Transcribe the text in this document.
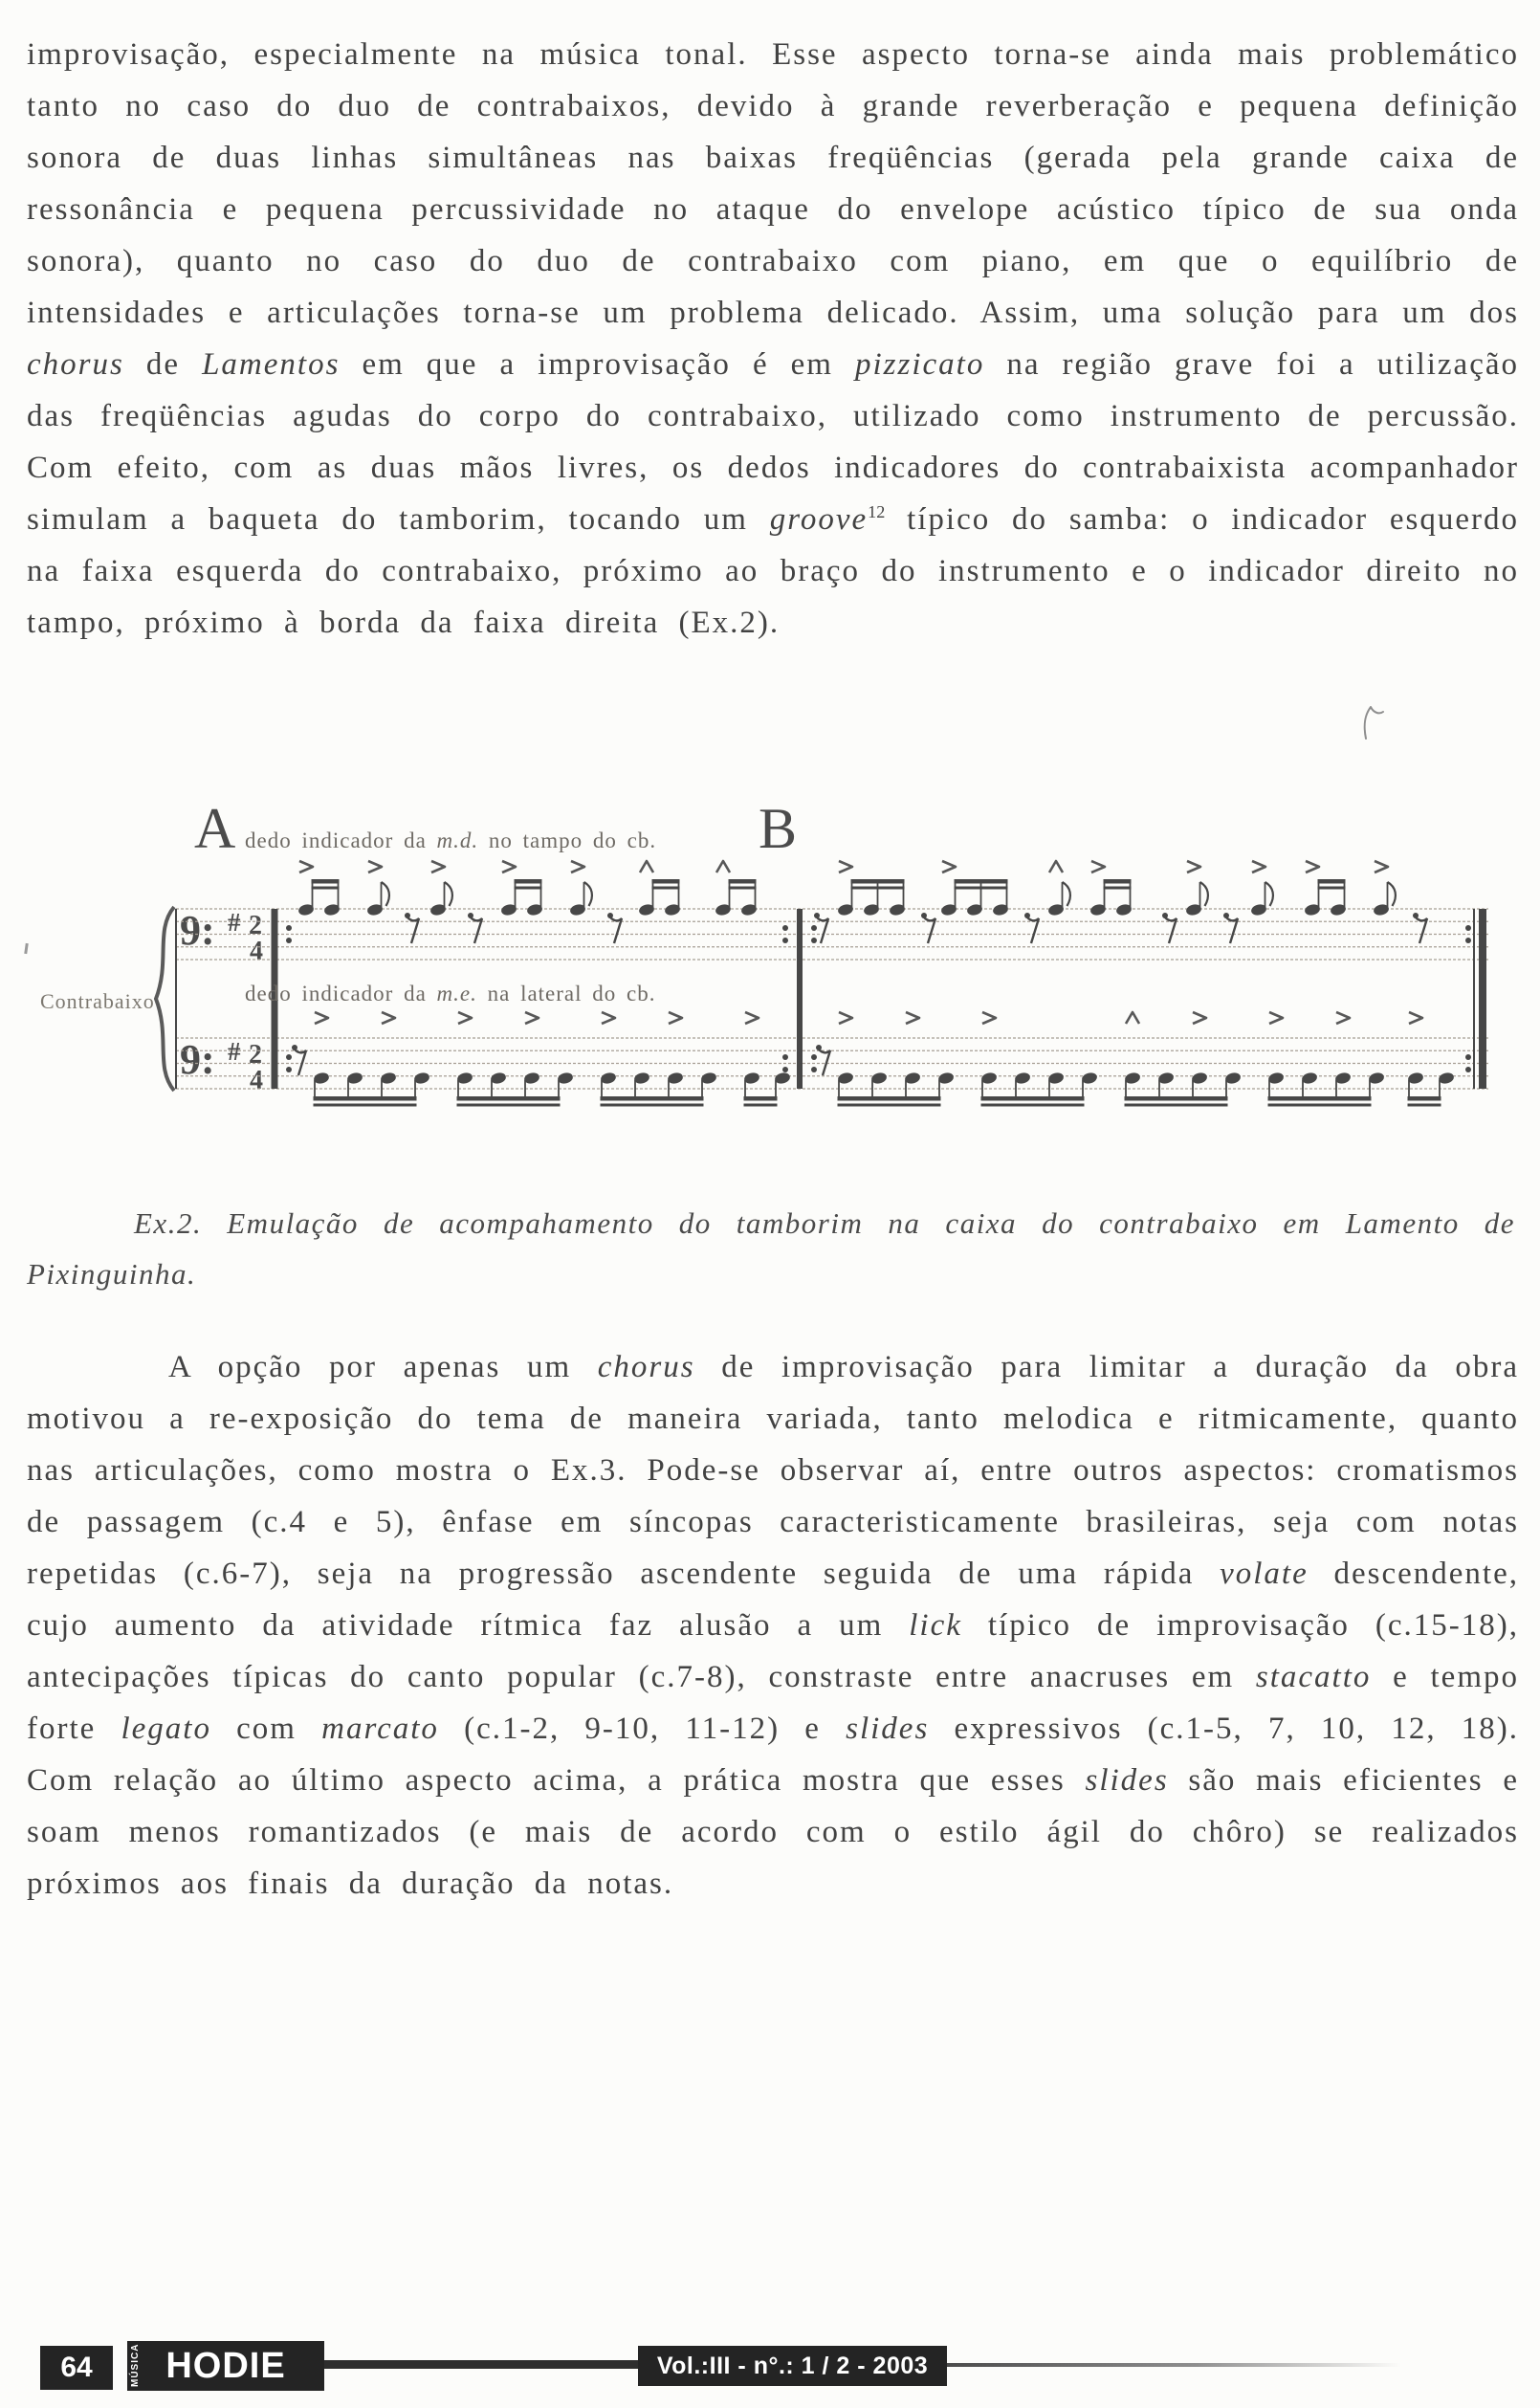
improvisação, especialmente na música tonal. Esse aspecto torna-se ainda mais problemático tanto no caso do duo de contrabaixos, devido à grande reverberação e pequena definição sonora de duas linhas simultâneas nas baixas freqüências (gerada pela grande caixa de ressonância e pequena percussividade no ataque do envelope acústico típico de sua onda sonora), quanto no caso do duo de contrabaixo com piano, em que o equilíbrio de intensidades e articulações torna-se um problema delicado. Assim, uma solução para um dos chorus de Lamentos em que a improvisação é em pizzicato na região grave foi a utilização das freqüências agudas do corpo do contrabaixo, utilizado como instrumento de percussão. Com efeito, com as duas mãos livres, os dedos indicadores do contrabaixista acompanhador simulam a baqueta do tamborim, tocando um groove$^{12}$ típico do samba: o indicador esquerdo na faixa esquerda do contrabaixo, próximo ao braço do instrumento e o indicador direito no tampo, próximo à borda da faixa direita (Ex.2).
9:
9:
#
#
2
4
2
4
A	B
dedo indicador da m.d. no tampo do cb.
dedo indicador da m.e. na lateral do cb.
Contrabaixo
Ex.2. Emulação de acompahamento do tamborim na caixa do contrabaixo em Lamento de Pixinguinha.
A opção por apenas um chorus de improvisação para limitar a duração da obra motivou a re-exposição do tema de maneira variada, tanto melodica e ritmicamente, quanto nas articulações, como mostra o Ex.3. Pode-se observar aí, entre outros aspectos: cromatismos de passagem (c.4 e 5), ênfase em síncopas caracteristicamente brasileiras, seja com notas repetidas (c.6-7), seja na progressão ascendente seguida de uma rápida volate descendente, cujo aumento da atividade rítmica faz alusão a um lick típico de improvisação (c.15-18), antecipações típicas do canto popular (c.7-8), constraste entre anacruses em stacatto e tempo forte legato com marcato (c.1-2, 9-10, 11-12) e slides expressivos (c.1-5, 7, 10, 12, 18). Com relação ao último aspecto acima, a prática mostra que esses slides são mais eficientes e soam menos romantizados (e mais de acordo com o estilo ágil do chôro) se realizados próximos aos finais da duração da notas.
64	MÚSICA HODIE	Vol.:III - n°.: 1 / 2 - 2003
